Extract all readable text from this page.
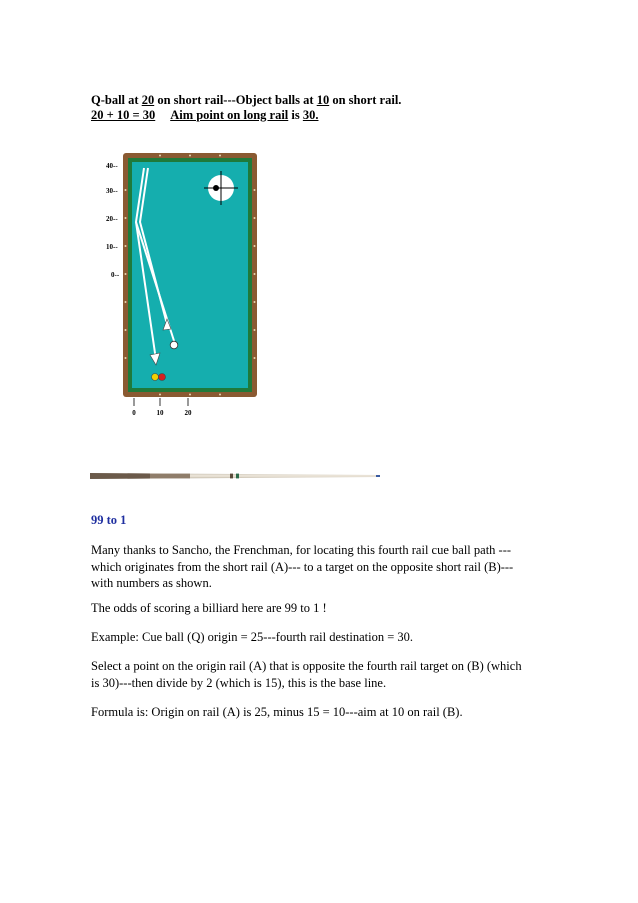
Q-ball at 20 on short rail---Object balls at 10 on short rail.
20 + 10 = 30 Aim point on long rail is 30.
40--
30--
20--
10--
0--
0	10	20
99 to 1

Many thanks to Sancho, the Frenchman, for locating this fourth rail cue ball path ---which originates from the short rail (A)--- to a target on the opposite short rail (B)---with numbers as shown.

The odds of scoring a billiard here are 99 to 1 !

Example: Cue ball (Q) origin = 25---fourth rail destination = 30.

Select a point on the origin rail (A) that is opposite the fourth rail target on (B) (which is 30)---then divide by 2 (which is 15), this is the base line.

Formula is: Origin on rail (A) is 25, minus 15 = 10---aim at 10 on rail (B).
